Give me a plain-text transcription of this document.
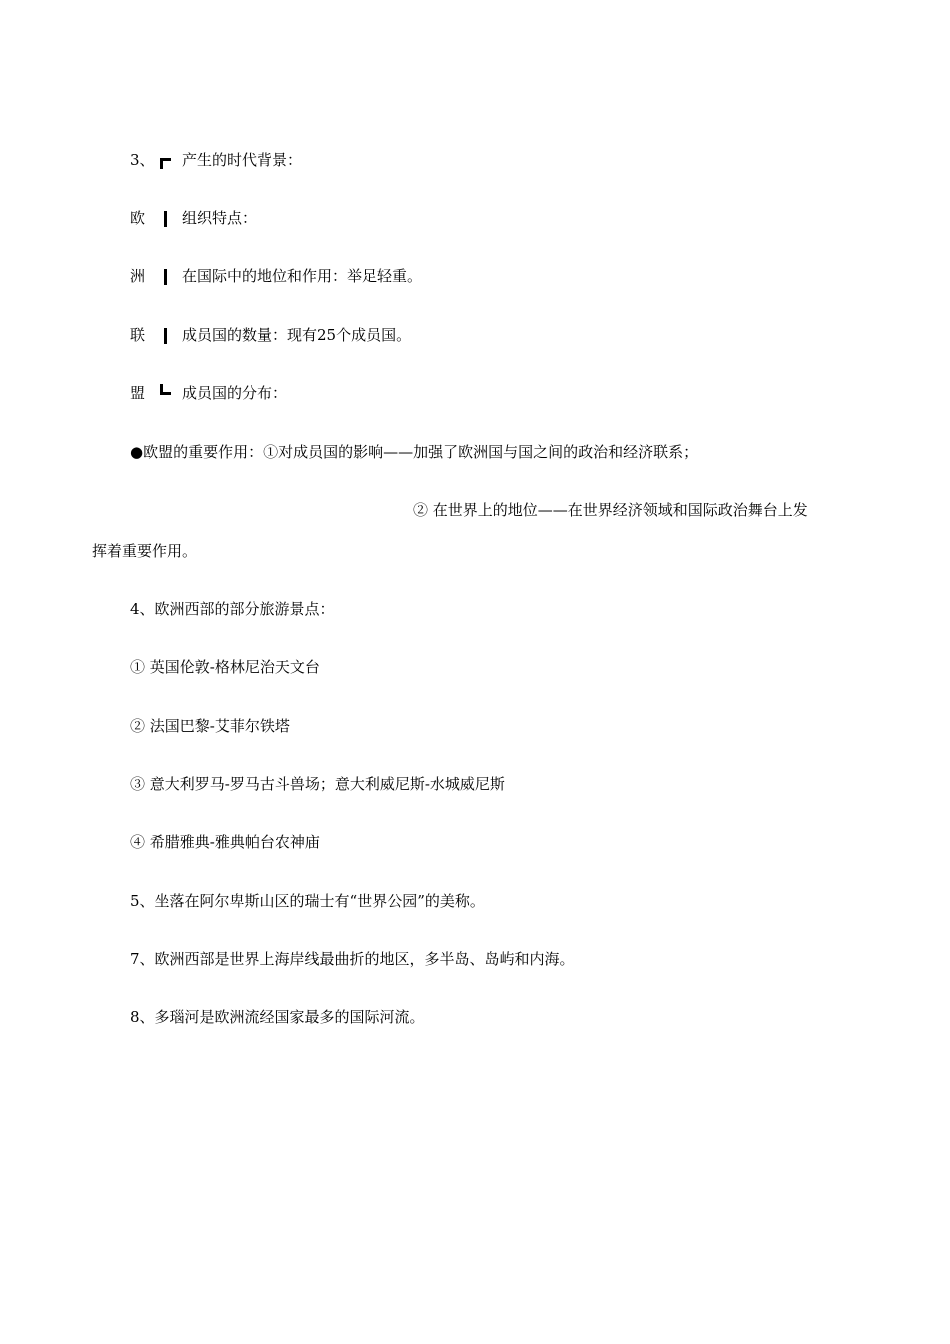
3、 产生的时代背景：
欧 组织特点：
洲 在国际中的地位和作用：举足轻重。
联 成员国的数量：现有25个成员国。
盟 成员国的分布：
●欧盟的重要作用：①对成员国的影响——加强了欧洲国与国之间的政治和经济联系；
② 在世界上的地位——在世界经济领域和国际政治舞台上发
挥着重要作用。
4、欧洲西部的部分旅游景点：
① 英国伦敦-格林尼治天文台
② 法国巴黎-艾菲尔铁塔
③ 意大利罗马-罗马古斗兽场；意大利威尼斯-水城威尼斯
④ 希腊雅典-雅典帕台农神庙
5、坐落在阿尔卑斯山区的瑞士有“世界公园”的美称。
7、欧洲西部是世界上海岸线最曲折的地区，多半岛、岛屿和内海。
8、多瑙河是欧洲流经国家最多的国际河流。
